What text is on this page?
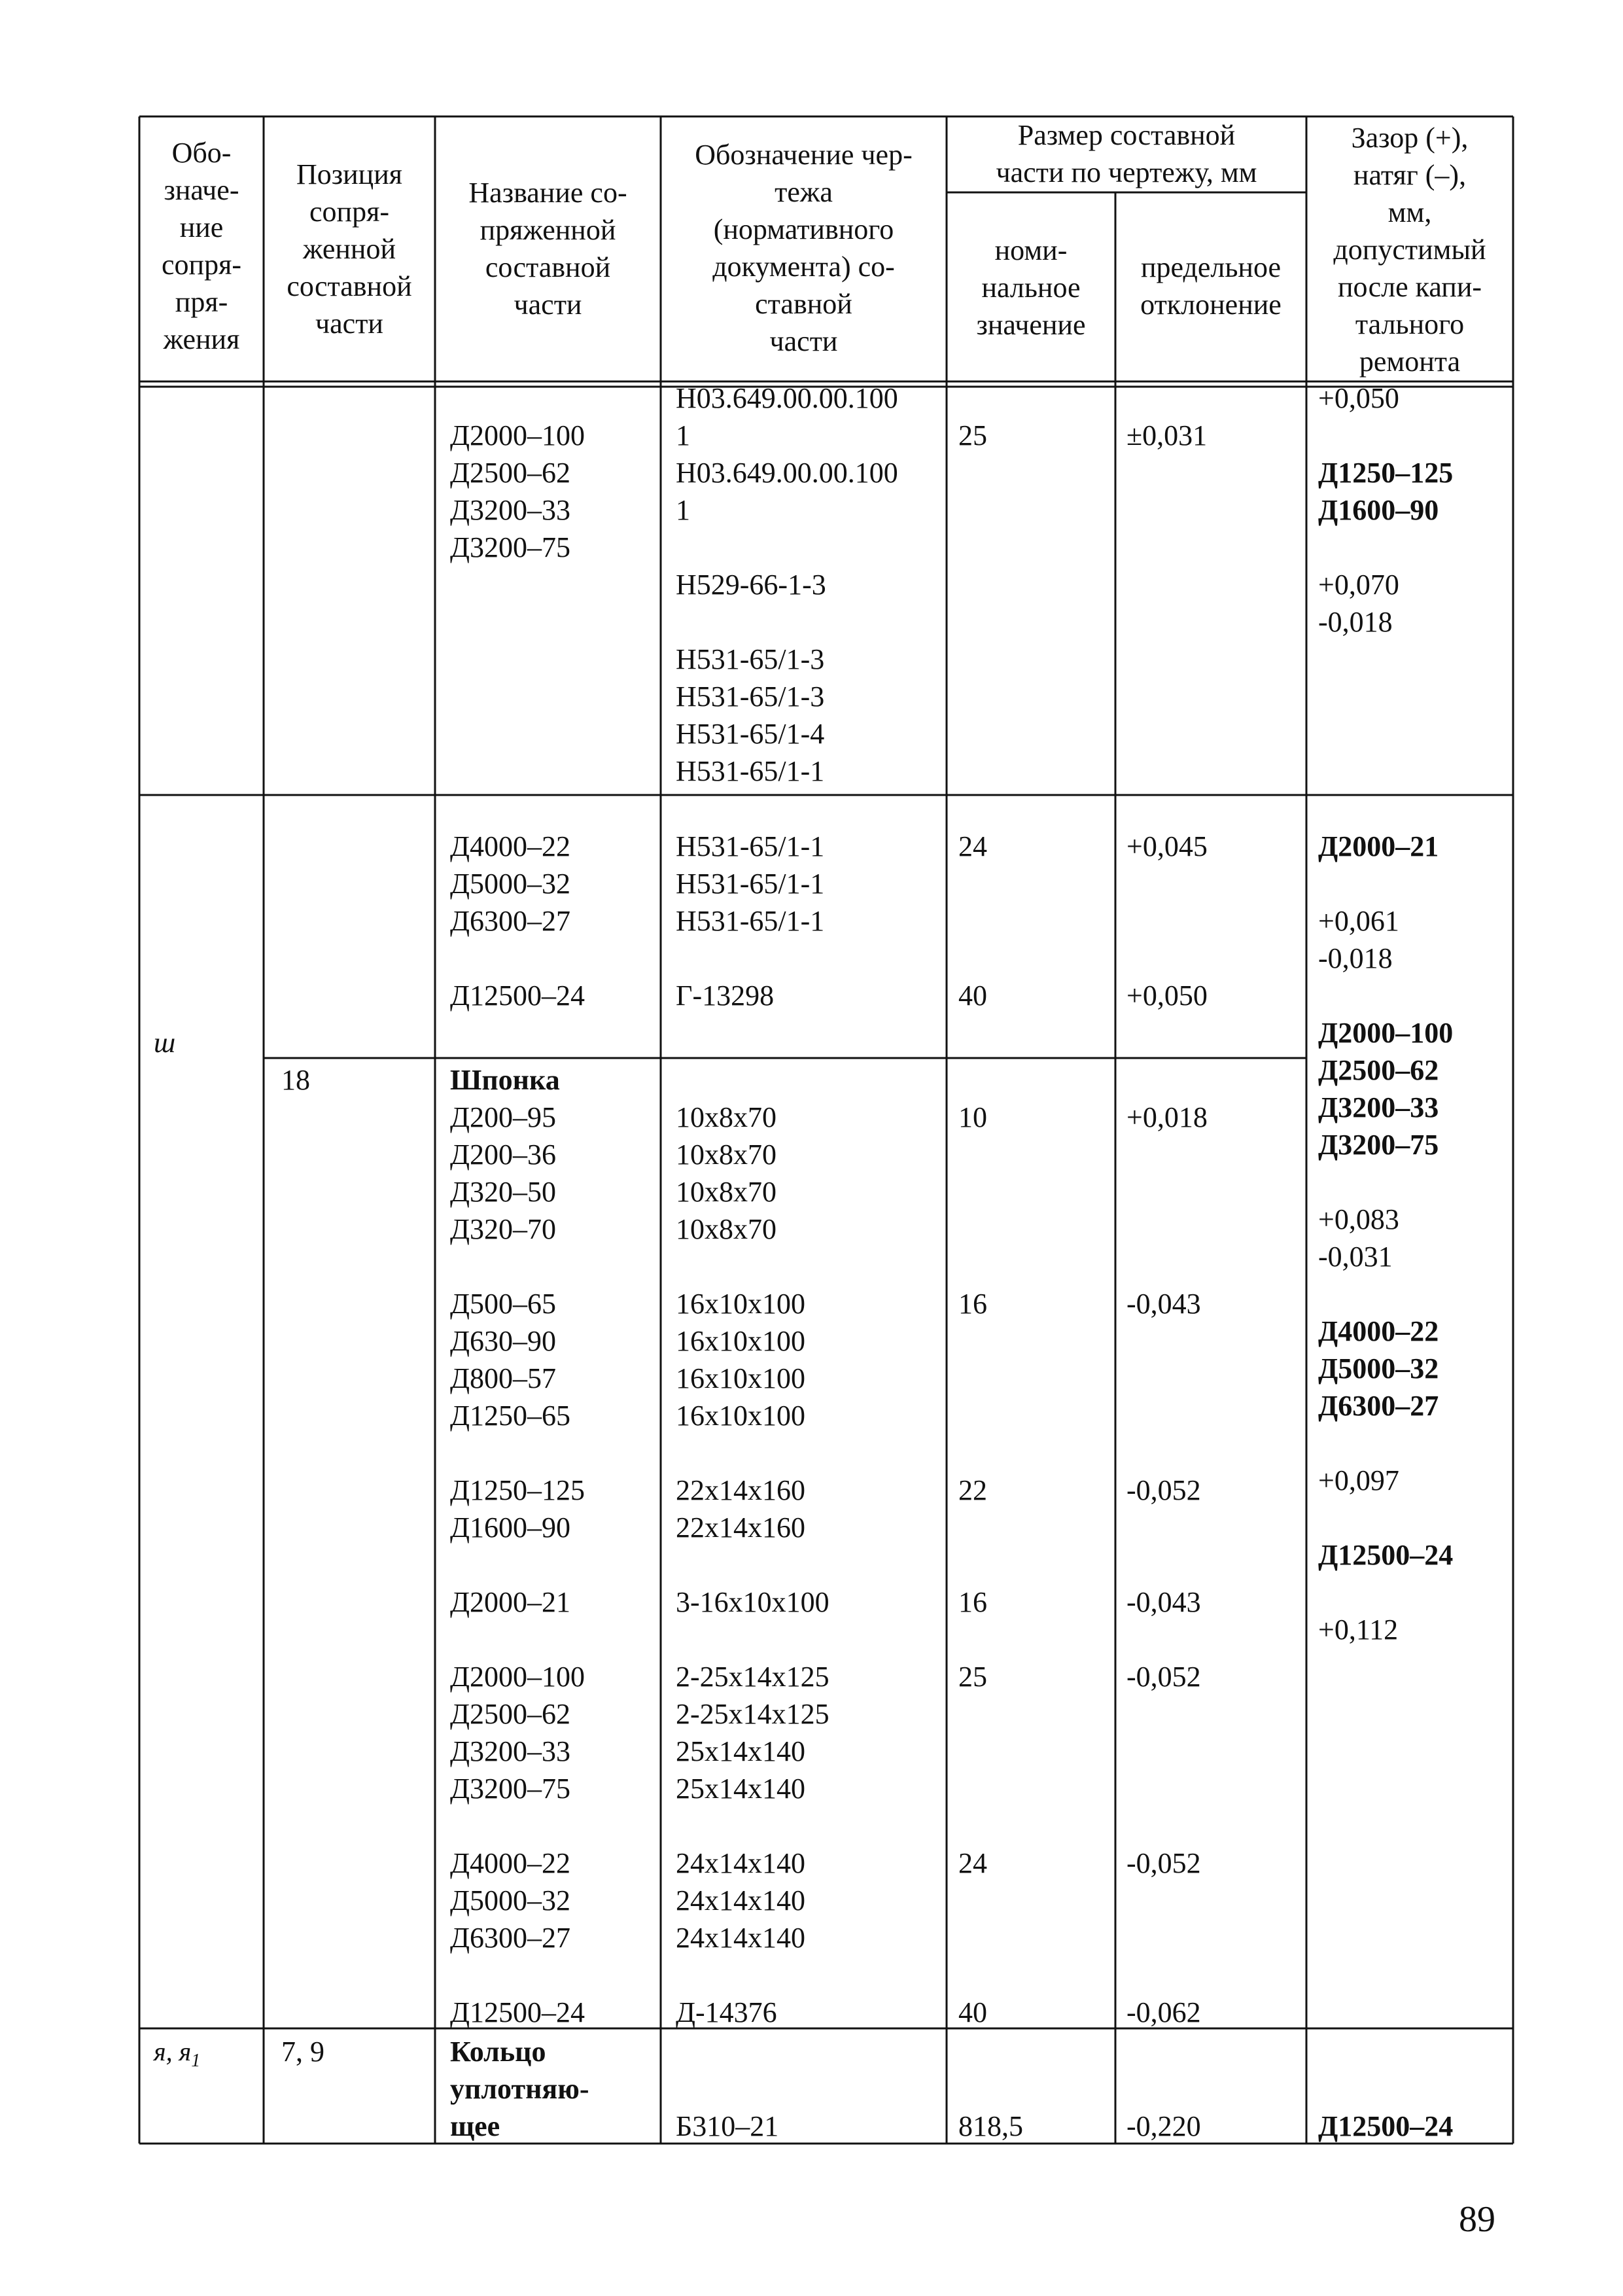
Обо-
значе-
ние
сопря-
пря-
жения
Позиция
сопря-
женной
составной
части
Название со-
пряженной
составной
части
Обозначение чер-
тежа
(нормативного
документа) со-
ставной
части
Размер составной
части по чертежу, мм
номи-
нальное
значение
предельное
отклонение
Зазор (+),
натяг (–),
мм,
допустимый
после капи-
тального
ремонта
ш
я, $я_1$
18
7, 9
Д2000–100
Д2500–62
Д3200–33
Д3200–75
Д4000–22
Д5000–32
Д6300–27
Д12500–24
Шпонка
Д200–95
Д200–36
Д320–50
Д320–70
Д500–65
Д630–90
Д800–57
Д1250–65
Д1250–125
Д1600–90
Д2000–21
Д2000–100
Д2500–62
Д3200–33
Д3200–75
Д4000–22
Д5000–32
Д6300–27
Д12500–24
Кольцо
уплотняю-
щее
Н03.649.00.00.100
1
Н03.649.00.00.100
1
Н529-66-1-3
Н531-65/1-3
Н531-65/1-3
Н531-65/1-4
Н531-65/1-1
Н531-65/1-1
Н531-65/1-1
Н531-65/1-1
Г-13298
10х8х70
10х8х70
10х8х70
10х8х70
16х10х100
16х10х100
16х10х100
16х10х100
22х14х160
22х14х160
3-16х10х100
2-25х14х125
2-25х14х125
25х14х140
25х14х140
24х14х140
24х14х140
24х14х140
Д-14376
Б310–21
25
24
40
10
16
22
16
25
24
40
818,5
±0,031
+0,045
+0,050
+0,018
-0,043
-0,052
-0,043
-0,052
-0,052
-0,062
-0,220
+0,050
Д1250–125
Д1600–90
+0,070
-0,018
Д2000–21
+0,061
-0,018
Д2000–100
Д2500–62
Д3200–33
Д3200–75
+0,083
-0,031
Д4000–22
Д5000–32
Д6300–27
+0,097
Д12500–24
+0,112
Д12500–24
89
